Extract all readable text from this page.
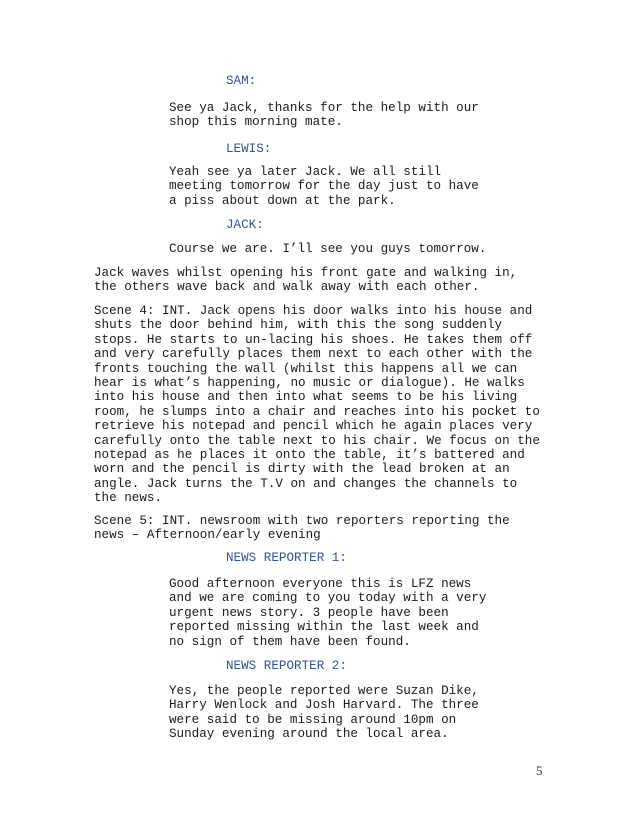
SAM:
See ya Jack, thanks for the help with our
shop this morning mate.
LEWIS:
Yeah see ya later Jack. We all still
meeting tomorrow for the day just to have
a piss about down at the park.
JACK:
Course we are. I’ll see you guys tomorrow.
Jack waves whilst opening his front gate and walking in,
the others wave back and walk away with each other.
Scene 4: INT. Jack opens his door walks into his house and
shuts the door behind him, with this the song suddenly
stops. He starts to un-lacing his shoes. He takes them off
and very carefully places them next to each other with the
fronts touching the wall (whilst this happens all we can
hear is what’s happening, no music or dialogue). He walks
into his house and then into what seems to be his living
room, he slumps into a chair and reaches into his pocket to
retrieve his notepad and pencil which he again places very
carefully onto the table next to his chair. We focus on the
notepad as he places it onto the table, it’s battered and
worn and the pencil is dirty with the lead broken at an
angle. Jack turns the T.V on and changes the channels to
the news.
Scene 5: INT. newsroom with two reporters reporting the
news – Afternoon/early evening
NEWS REPORTER 1:
Good afternoon everyone this is LFZ news
and we are coming to you today with a very
urgent news story. 3 people have been
reported missing within the last week and
no sign of them have been found.
NEWS REPORTER 2:
Yes, the people reported were Suzan Dike,
Harry Wenlock and Josh Harvard. The three
were said to be missing around 10pm on
Sunday evening around the local area.
5
